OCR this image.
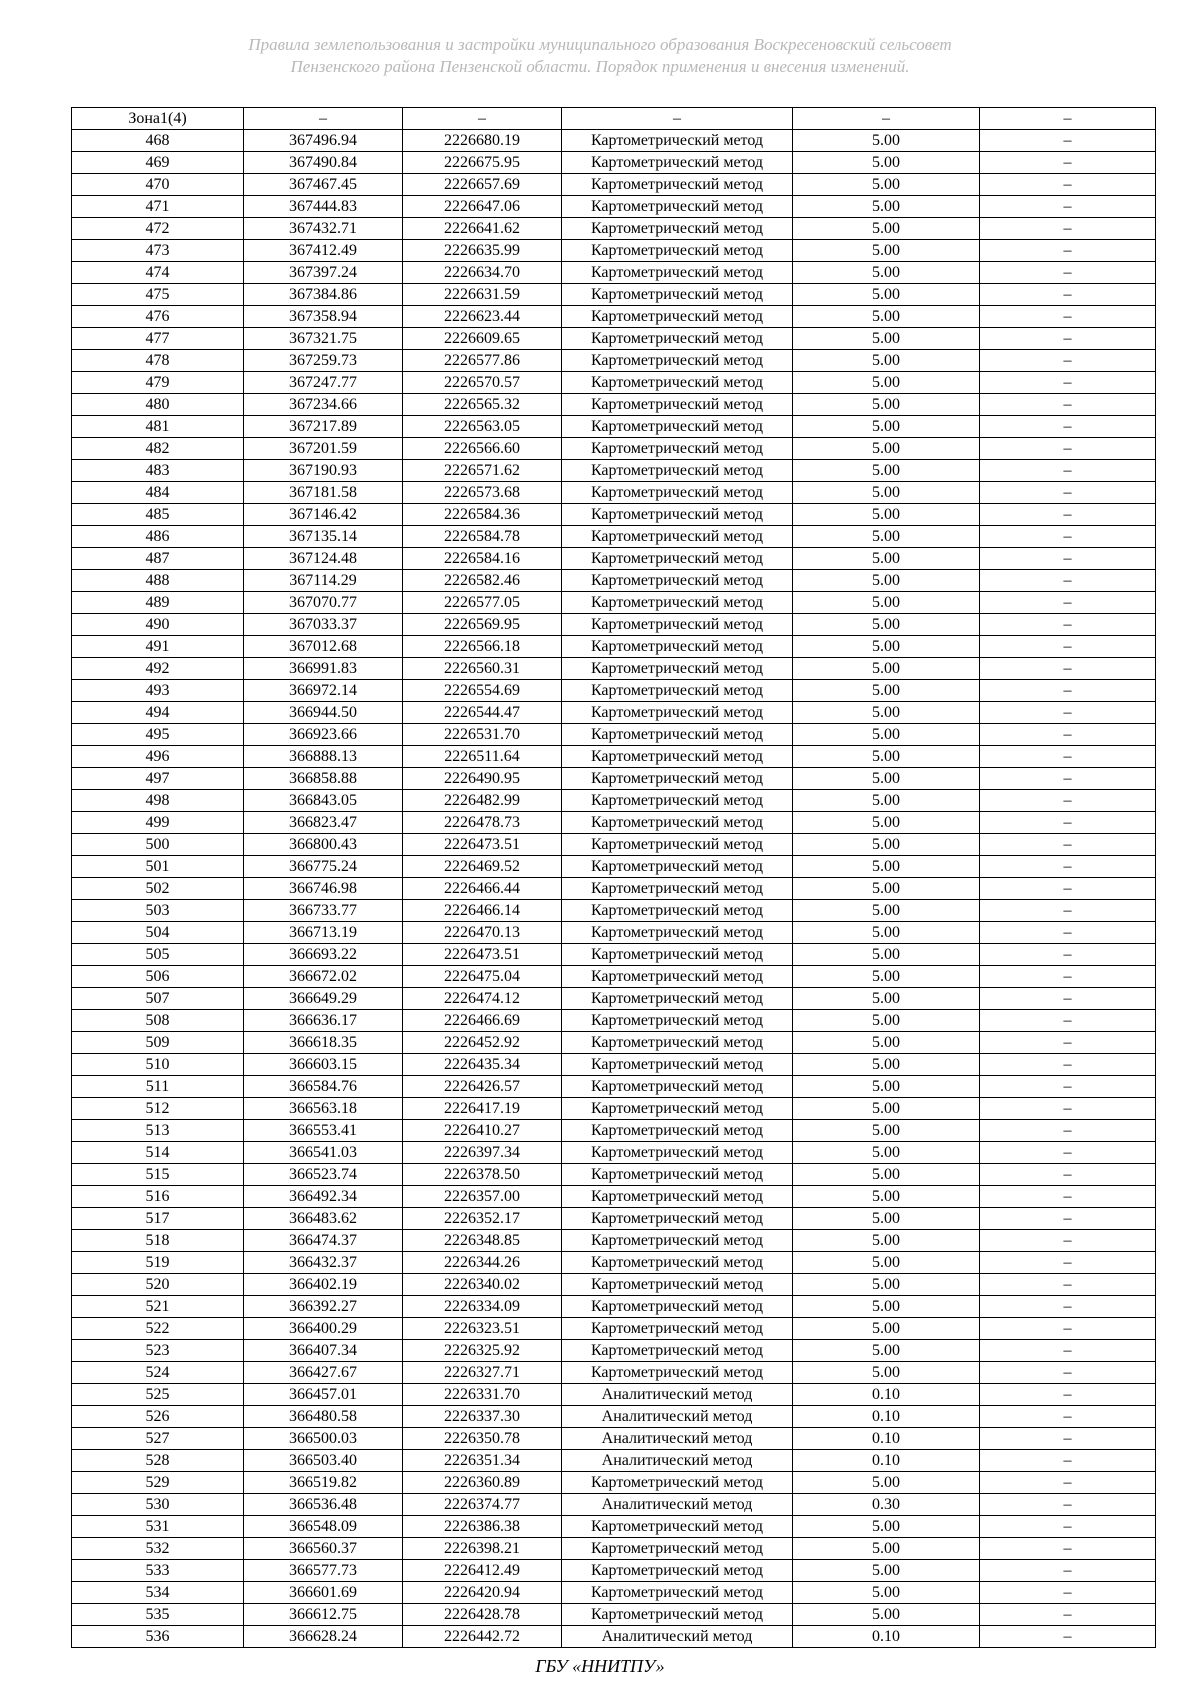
Правила землепользования и застройки муниципального образования Воскресеновский сельсовет
Пензенского района Пензенской области. Порядок применения и внесения изменений.
Зона1(4)	–	–	–	–	–
468	367496.94	2226680.19	Картометрический метод	5.00	–
469	367490.84	2226675.95	Картометрический метод	5.00	–
470	367467.45	2226657.69	Картометрический метод	5.00	–
471	367444.83	2226647.06	Картометрический метод	5.00	–
472	367432.71	2226641.62	Картометрический метод	5.00	–
473	367412.49	2226635.99	Картометрический метод	5.00	–
474	367397.24	2226634.70	Картометрический метод	5.00	–
475	367384.86	2226631.59	Картометрический метод	5.00	–
476	367358.94	2226623.44	Картометрический метод	5.00	–
477	367321.75	2226609.65	Картометрический метод	5.00	–
478	367259.73	2226577.86	Картометрический метод	5.00	–
479	367247.77	2226570.57	Картометрический метод	5.00	–
480	367234.66	2226565.32	Картометрический метод	5.00	–
481	367217.89	2226563.05	Картометрический метод	5.00	–
482	367201.59	2226566.60	Картометрический метод	5.00	–
483	367190.93	2226571.62	Картометрический метод	5.00	–
484	367181.58	2226573.68	Картометрический метод	5.00	–
485	367146.42	2226584.36	Картометрический метод	5.00	–
486	367135.14	2226584.78	Картометрический метод	5.00	–
487	367124.48	2226584.16	Картометрический метод	5.00	–
488	367114.29	2226582.46	Картометрический метод	5.00	–
489	367070.77	2226577.05	Картометрический метод	5.00	–
490	367033.37	2226569.95	Картометрический метод	5.00	–
491	367012.68	2226566.18	Картометрический метод	5.00	–
492	366991.83	2226560.31	Картометрический метод	5.00	–
493	366972.14	2226554.69	Картометрический метод	5.00	–
494	366944.50	2226544.47	Картометрический метод	5.00	–
495	366923.66	2226531.70	Картометрический метод	5.00	–
496	366888.13	2226511.64	Картометрический метод	5.00	–
497	366858.88	2226490.95	Картометрический метод	5.00	–
498	366843.05	2226482.99	Картометрический метод	5.00	–
499	366823.47	2226478.73	Картометрический метод	5.00	–
500	366800.43	2226473.51	Картометрический метод	5.00	–
501	366775.24	2226469.52	Картометрический метод	5.00	–
502	366746.98	2226466.44	Картометрический метод	5.00	–
503	366733.77	2226466.14	Картометрический метод	5.00	–
504	366713.19	2226470.13	Картометрический метод	5.00	–
505	366693.22	2226473.51	Картометрический метод	5.00	–
506	366672.02	2226475.04	Картометрический метод	5.00	–
507	366649.29	2226474.12	Картометрический метод	5.00	–
508	366636.17	2226466.69	Картометрический метод	5.00	–
509	366618.35	2226452.92	Картометрический метод	5.00	–
510	366603.15	2226435.34	Картометрический метод	5.00	–
511	366584.76	2226426.57	Картометрический метод	5.00	–
512	366563.18	2226417.19	Картометрический метод	5.00	–
513	366553.41	2226410.27	Картометрический метод	5.00	–
514	366541.03	2226397.34	Картометрический метод	5.00	–
515	366523.74	2226378.50	Картометрический метод	5.00	–
516	366492.34	2226357.00	Картометрический метод	5.00	–
517	366483.62	2226352.17	Картометрический метод	5.00	–
518	366474.37	2226348.85	Картометрический метод	5.00	–
519	366432.37	2226344.26	Картометрический метод	5.00	–
520	366402.19	2226340.02	Картометрический метод	5.00	–
521	366392.27	2226334.09	Картометрический метод	5.00	–
522	366400.29	2226323.51	Картометрический метод	5.00	–
523	366407.34	2226325.92	Картометрический метод	5.00	–
524	366427.67	2226327.71	Картометрический метод	5.00	–
525	366457.01	2226331.70	Аналитический метод	0.10	–
526	366480.58	2226337.30	Аналитический метод	0.10	–
527	366500.03	2226350.78	Аналитический метод	0.10	–
528	366503.40	2226351.34	Аналитический метод	0.10	–
529	366519.82	2226360.89	Картометрический метод	5.00	–
530	366536.48	2226374.77	Аналитический метод	0.30	–
531	366548.09	2226386.38	Картометрический метод	5.00	–
532	366560.37	2226398.21	Картометрический метод	5.00	–
533	366577.73	2226412.49	Картометрический метод	5.00	–
534	366601.69	2226420.94	Картометрический метод	5.00	–
535	366612.75	2226428.78	Картометрический метод	5.00	–
536	366628.24	2226442.72	Аналитический метод	0.10	–
ГБУ «ННИТПУ»
